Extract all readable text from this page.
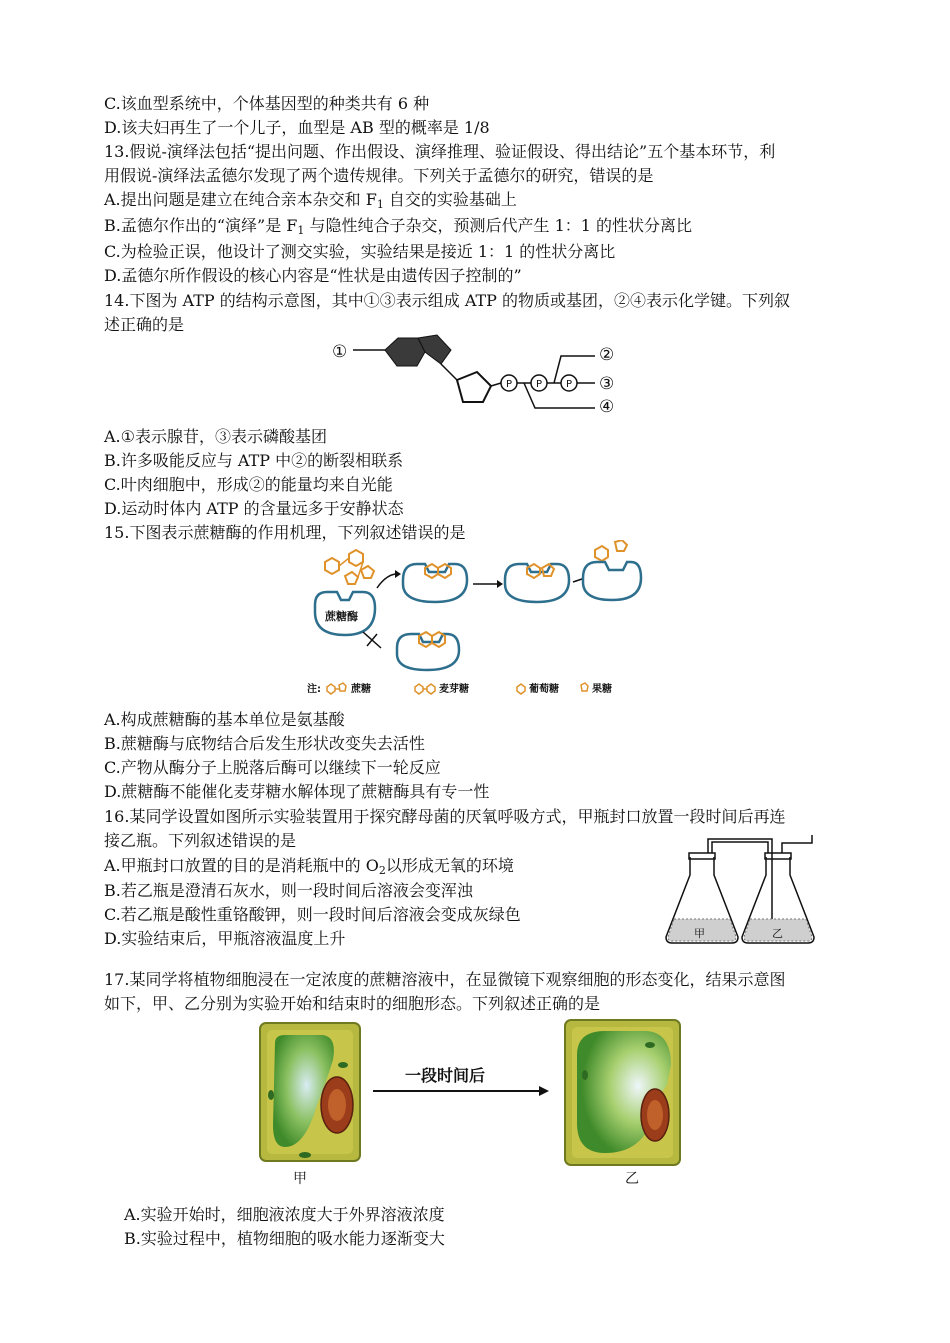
C.该血型系统中，个体基因型的种类共有 6 种
D.该夫妇再生了一个儿子，血型是 AB 型的概率是 1/8
13.假说-演绎法包括“提出问题、作出假设、演绎推理、验证假设、得出结论”五个基本环节，利
用假说-演绎法孟德尔发现了两个遗传规律。下列关于孟德尔的研究，错误的是
A.提出问题是建立在纯合亲本杂交和 $F_1$ 自交的实验基础上
B.孟德尔作出的“演绎”是 $F_1$ 与隐性纯合子杂交，预测后代产生 1：1 的性状分离比
C.为检验正误，他设计了测交实验，实验结果是接近 1：1 的性状分离比
D.孟德尔所作假设的核心内容是“性状是由遗传因子控制的”
14.下图为 ATP 的结构示意图，其中①③表示组成 ATP 的物质或基团，②④表示化学键。下列叙
述正确的是
①	②
③
④
P P P
A.①表示腺苷，③表示磷酸基团
B.许多吸能反应与 ATP 中②的断裂相联系
C.叶肉细胞中，形成②的能量均来自光能
D.运动时体内 ATP 的含量远多于安静状态
15.下图表示蔗糖酶的作用机理，下列叙述错误的是
蔗糖酶
注:	蔗糖	麦芽糖	葡萄糖	果糖
A.构成蔗糖酶的基本单位是氨基酸
B.蔗糖酶与底物结合后发生形状改变失去活性
C.产物从酶分子上脱落后酶可以继续下一轮反应
D.蔗糖酶不能催化麦芽糖水解体现了蔗糖酶具有专一性
16.某同学设置如图所示实验装置用于探究酵母菌的厌氧呼吸方式，甲瓶封口放置一段时间后再连
接乙瓶。下列叙述错误的是
A.甲瓶封口放置的目的是消耗瓶中的 $O_2$以形成无氧的环境
B.若乙瓶是澄清石灰水，则一段时间后溶液会变浑浊
C.若乙瓶是酸性重铬酸钾，则一段时间后溶液会变成灰绿色
D.实验结束后，甲瓶溶液温度上升	甲	乙
17.某同学将植物细胞浸在一定浓度的蔗糖溶液中，在显微镜下观察细胞的形态变化，结果示意图
如下，甲、乙分别为实验开始和结束时的细胞形态。下列叙述正确的是
一段时间后
甲	乙
A.实验开始时，细胞液浓度大于外界溶液浓度
B.实验过程中，植物细胞的吸水能力逐渐变大
